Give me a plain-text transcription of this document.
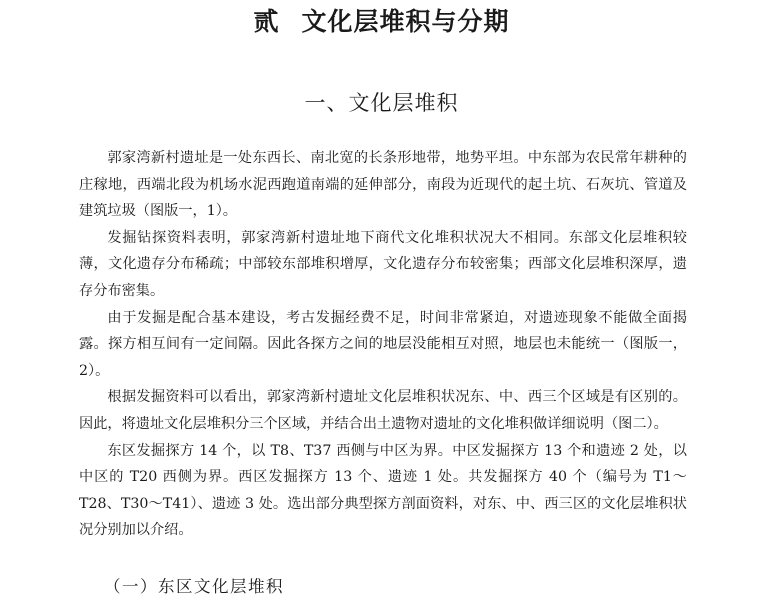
贰 文化层堆积与分期
一、文化层堆积

郭家湾新村遗址是一处东西长、南北宽的长条形地带，地势平坦。中东部为农民常年耕种的庄稼地，西端北段为机场水泥西跑道南端的延伸部分，南段为近现代的起土坑、石灰坑、管道及建筑垃圾（图版一，1）。

发掘钻探资料表明，郭家湾新村遗址地下商代文化堆积状况大不相同。东部文化层堆积较薄，文化遗存分布稀疏；中部较东部堆积增厚，文化遗存分布较密集；西部文化层堆积深厚，遗存分布密集。

由于发掘是配合基本建设，考古发掘经费不足，时间非常紧迫，对遗迹现象不能做全面揭露。探方相互间有一定间隔。因此各探方之间的地层没能相互对照，地层也未能统一（图版一，2）。

根据发掘资料可以看出，郭家湾新村遗址文化层堆积状况东、中、西三个区域是有区别的。因此，将遗址文化层堆积分三个区域，并结合出土遗物对遗址的文化堆积做详细说明（图二）。

东区发掘探方 14 个，以 T8、T37 西侧与中区为界。中区发掘探方 13 个和遗迹 2 处，以中区的 T20 西侧为界。西区发掘探方 13 个、遗迹 1 处。共发掘探方 40 个（编号为 T1～T28、T30～T41）、遗迹 3 处。选出部分典型探方剖面资料，对东、中、西三区的文化层堆积状况分别加以介绍。

（一）东区文化层堆积
